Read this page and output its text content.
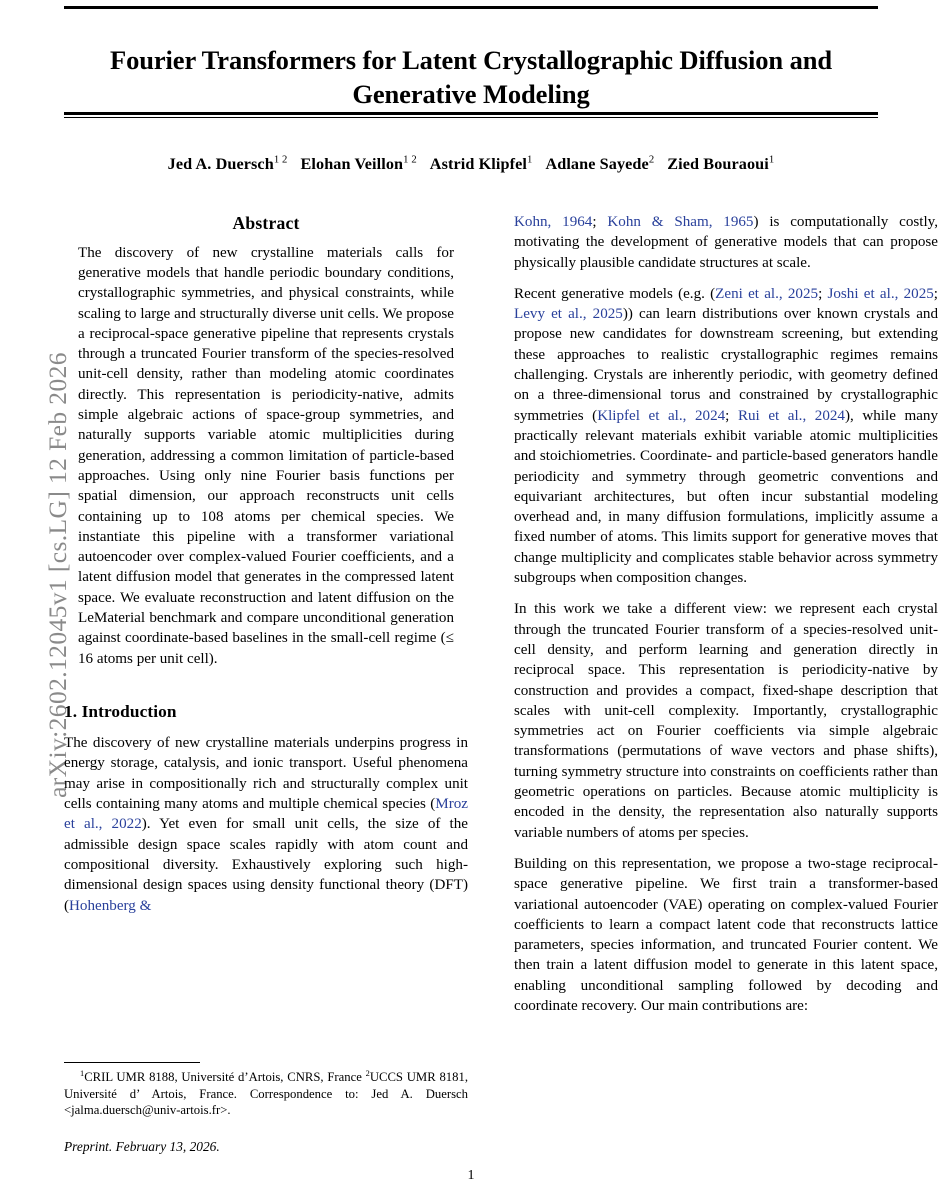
arXiv:2602.12045v1 [cs.LG] 12 Feb 2026
Fourier Transformers for Latent Crystallographic Diffusion and Generative Modeling
Jed A. Duersch$^{1 2}$ Elohan Veillon$^{1 2}$ Astrid Klipfel$^1$ Adlane Sayede$^2$ Zied Bouraoui$^1$
Abstract

The discovery of new crystalline materials calls for generative models that handle periodic boundary conditions, crystallographic symmetries, and physical constraints, while scaling to large and structurally diverse unit cells. We propose a reciprocal-space generative pipeline that represents crystals through a truncated Fourier transform of the species-resolved unit-cell density, rather than modeling atomic coordinates directly. This representation is periodicity-native, admits simple algebraic actions of space-group symmetries, and naturally supports variable atomic multiplicities during generation, addressing a common limitation of particle-based approaches. Using only nine Fourier basis functions per spatial dimension, our approach reconstructs unit cells containing up to 108 atoms per chemical species. We instantiate this pipeline with a transformer variational autoencoder over complex-valued Fourier coefficients, and a latent diffusion model that generates in the compressed latent space. We evaluate reconstruction and latent diffusion on the LeMaterial benchmark and compare unconditional generation against coordinate-based baselines in the small-cell regime (≤ 16 atoms per unit cell).

1. Introduction

The discovery of new crystalline materials underpins progress in energy storage, catalysis, and ionic transport. Useful phenomena may arise in compositionally rich and structurally complex unit cells containing many atoms and multiple chemical species (Mroz et al., 2022). Yet even for small unit cells, the size of the admissible design space scales rapidly with atom count and compositional diversity. Exhaustively exploring such high-dimensional design spaces using density functional theory (DFT) (Hohenberg &

Kohn, 1964; Kohn & Sham, 1965) is computationally costly, motivating the development of generative models that can propose physically plausible candidate structures at scale.

Recent generative models (e.g. (Zeni et al., 2025; Joshi et al., 2025; Levy et al., 2025)) can learn distributions over known crystals and propose new candidates for downstream screening, but extending these approaches to realistic crystallographic regimes remains challenging. Crystals are inherently periodic, with geometry defined on a three-dimensional torus and constrained by crystallographic symmetries (Klipfel et al., 2024; Rui et al., 2024), while many practically relevant materials exhibit variable atomic multiplicities and stoichiometries. Coordinate- and particle-based generators handle periodicity and symmetry through geometric conventions and equivariant architectures, but often incur substantial modeling overhead and, in many diffusion formulations, implicitly assume a fixed number of atoms. This limits support for generative moves that change multiplicity and complicates stable behavior across symmetry subgroups when composition changes.

In this work we take a different view: we represent each crystal through the truncated Fourier transform of a species-resolved unit-cell density, and perform learning and generation directly in reciprocal space. This representation is periodicity-native by construction and provides a compact, fixed-shape description that scales with unit-cell complexity. Importantly, crystallographic symmetries act on Fourier coefficients via simple algebraic transformations (permutations of wave vectors and phase shifts), turning symmetry structure into constraints on coefficients rather than geometric operations on particles. Because atomic multiplicity is encoded in the density, the representation also naturally supports variable numbers of atoms per species.

Building on this representation, we propose a two-stage reciprocal-space generative pipeline. We first train a transformer-based variational autoencoder (VAE) operating on complex-valued Fourier coefficients to learn a compact latent code that reconstructs lattice parameters, species information, and truncated Fourier content. We then train a latent diffusion model to generate in this latent space, enabling unconditional sampling followed by decoding and coordinate recovery. Our main contributions are:

$^1$CRIL UMR 8188, Université d’Artois, CNRS, France $^2$UCCS UMR 8181, Université d’ Artois, France. Correspondence to: Jed A. Duersch <jalma.duersch@univ-artois.fr>.

Preprint. February 13, 2026.
1
